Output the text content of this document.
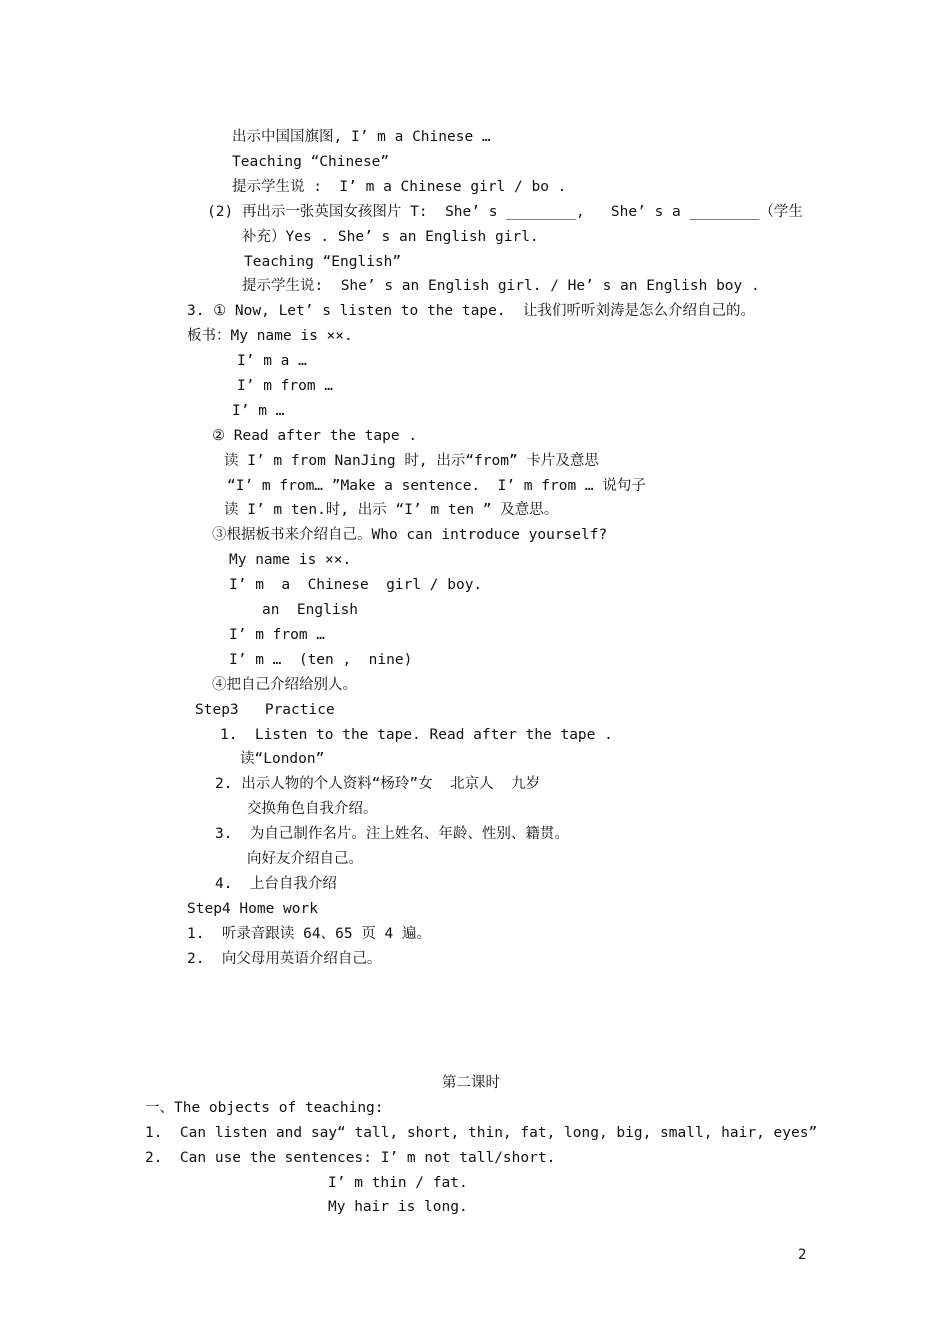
出示中国国旗图, I’ m a Chinese …
Teaching “Chinese”
提示学生说 :  I’ m a Chinese girl / bo .
(2) 再出示一张英国女孩图片 T:  She’ s ________,   She’ s a ________（学生
补充）Yes . She’ s an English girl.
Teaching “English”
提示学生说:  She’ s an English girl. / He’ s an English boy .
3. ① Now, Let’ s listen to the tape.  让我们听听刘涛是怎么介绍自己的。
板书：My name is ××.
I’ m a …
I’ m from …
I’ m …
② Read after the tape .
读 I’ m from NanJing 时, 出示“from” 卡片及意思
“I’ m from… ”Make a sentence.  I’ m from … 说句子
读 I’ m ten.时, 出示 “I’ m ten ” 及意思。
③根据板书来介绍自己。Who can introduce yourself?
My name is ××.
I’ m  a  Chinese  girl / boy.
an  English
I’ m from …
I’ m …  (ten ,  nine)
④把自己介绍给别人。
Step3   Practice
1.  Listen to the tape. Read after the tape .
读“London”
2. 出示人物的个人资料“杨玲”女  北京人  九岁
交换角色自我介绍。
3.  为自己制作名片。注上姓名、年龄、性别、籍贯。
向好友介绍自己。
4.  上台自我介绍
Step4 Home work
1.  听录音跟读 64、65 页 4 遍。
2.  向父母用英语介绍自己。
第二课时
一、The objects of teaching:
1.  Can listen and say“ tall, short, thin, fat, long, big, small, hair, eyes”
2.  Can use the sentences: I’ m not tall/short.
I’ m thin / fat.
My hair is long.
2
